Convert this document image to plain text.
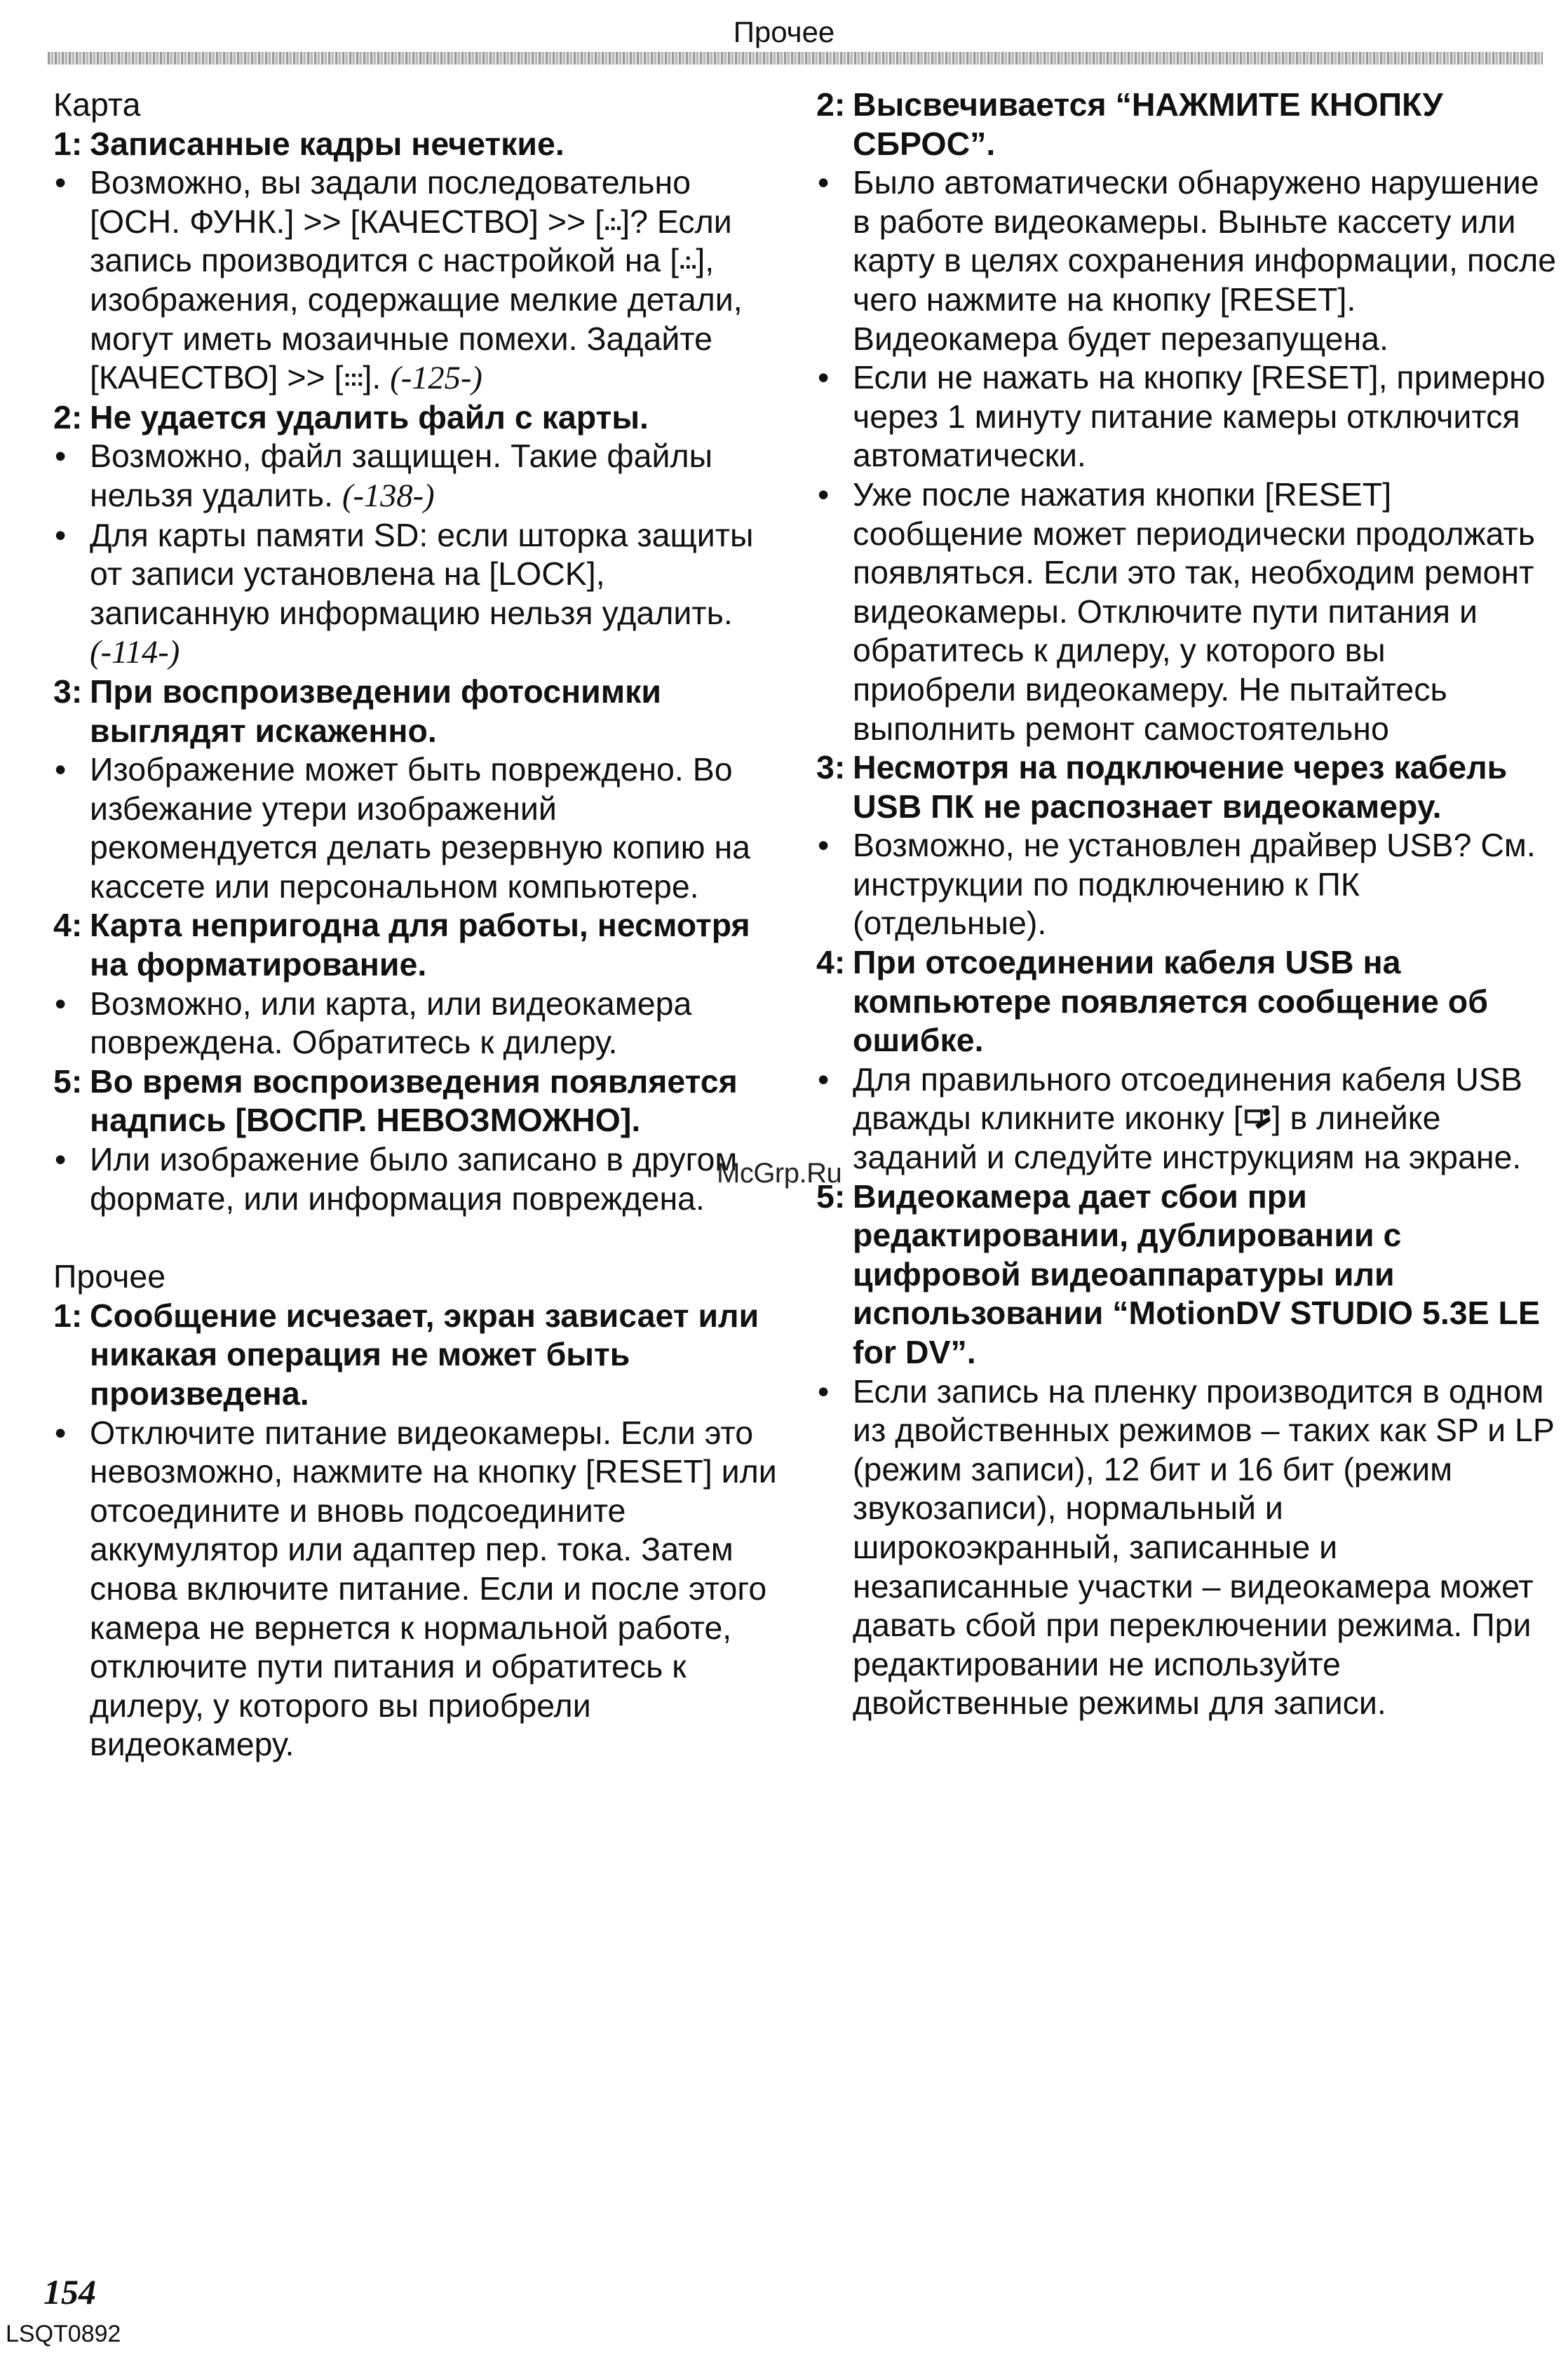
Прочее
Карта
1: Записанные кадры нечеткие.
• Возможно, вы задали последовательно [ОСН. ФУНК.] >> [КАЧЕСТВО] >> [.:.]? Если запись производится с настройкой на [.:.], изображения, содержащие мелкие детали, могут иметь мозаичные помехи. Задайте [КАЧЕСТВО] >> [:::]. (-125-)
2: Не удается удалить файл с карты.
• Возможно, файл защищен. Такие файлы нельзя удалить. (-138-)
• Для карты памяти SD: если шторка защиты от записи установлена на [LOCK], записанную информацию нельзя удалить. (-114-)
3: При воспроизведении фотоснимки выглядят искаженно.
• Изображение может быть повреждено. Во избежание утери изображений рекомендуется делать резервную копию на кассете или персональном компьютере.
4: Карта непригодна для работы, несмотря на форматирование.
• Возможно, или карта, или видеокамера повреждена. Обратитесь к дилеру.
5: Во время воспроизведения появляется надпись [ВОСПР. НЕВОЗМОЖНО].
• Или изображение было записано в другом формате, или информация повреждена.
Прочее
1: Сообщение исчезает, экран зависает или никакая операция не может быть произведена.
• Отключите питание видеокамеры. Если это невозможно, нажмите на кнопку [RESET] или отсоедините и вновь подсоедините аккумулятор или адаптер пер. тока. Затем снова включите питание. Если и после этого камера не вернется к нормальной работе, отключите пути питания и обратитесь к дилеру, у которого вы приобрели видеокамеру.
2: Высвечивается “НАЖМИТЕ КНОПКУ СБРОС”.
• Было автоматически обнаружено нарушение в работе видеокамеры. Выньте кассету или карту в целях сохранения информации, после чего нажмите на кнопку [RESET]. Видеокамера будет перезапущена.
• Если не нажать на кнопку [RESET], примерно через 1 минуту питание камеры отключится автоматически.
• Уже после нажатия кнопки [RESET] сообщение может периодически продолжать появляться. Если это так, необходим ремонт видеокамеры. Отключите пути питания и обратитесь к дилеру, у которого вы приобрели видеокамеру. Не пытайтесь выполнить ремонт самостоятельно
3: Несмотря на подключение через кабель USB ПК не распознает видеокамеру.
• Возможно, не установлен драйвер USB? См. инструкции по подключению к ПК (отдельные).
4: При отсоединении кабеля USB на компьютере появляется сообщение об ошибке.
• Для правильного отсоединения кабеля USB дважды кликните иконку [ ] в линейке заданий и следуйте инструкциям на экране.
5: Видеокамера дает сбои при редактировании, дублировании с цифровой видеоаппаратуры или использовании “MotionDV STUDIO 5.3E LE for DV”.
• Если запись на пленку производится в одном из двойственных режимов – таких как SP и LP (режим записи), 12 бит и 16 бит (режим звукозаписи), нормальный и широкоэкранный, записанные и незаписанные участки – видеокамера может давать сбой при переключении режима. При редактировании не используйте двойственные режимы для записи.
McGrp.Ru
154
LSQT0892
